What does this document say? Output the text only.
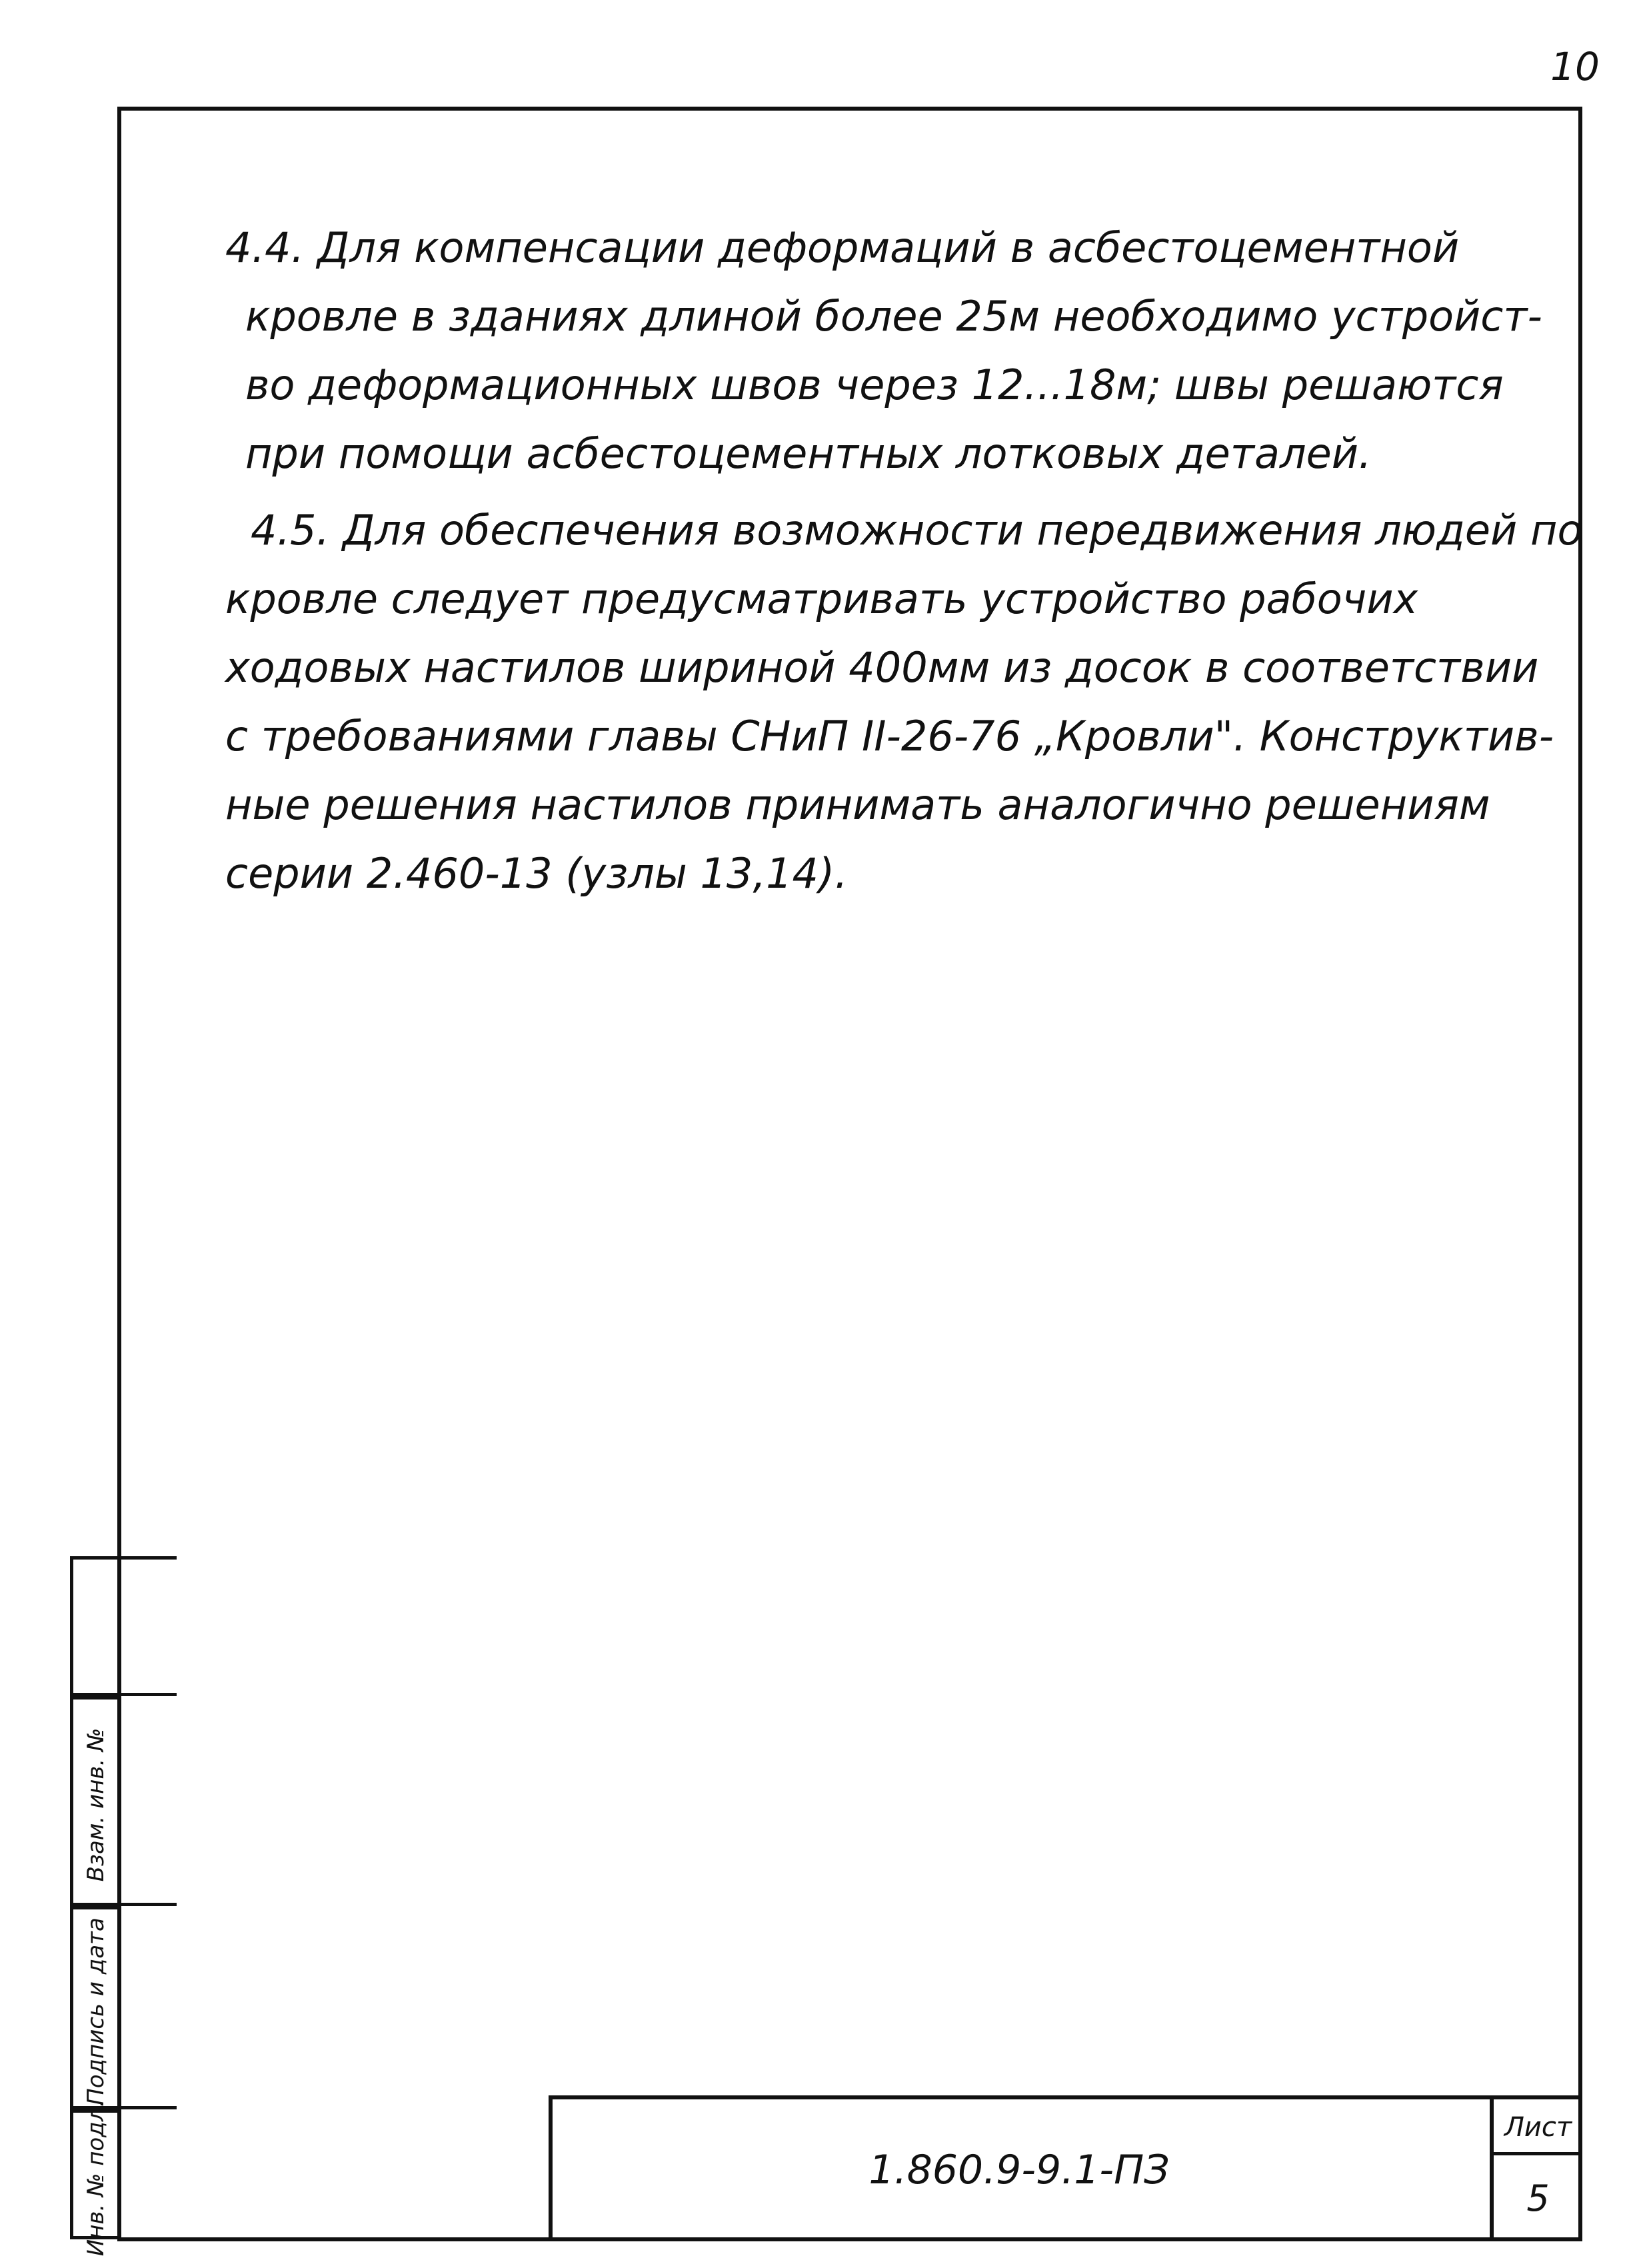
10

4.4. Для компенсации деформаций в асбестоцементной
кровле в зданиях длиной более 25м необходимо устройст-
во деформационных швов через 12...18м; швы решаются
при помощи асбестоцементных лотковых деталей.

4.5. Для обеспечения возможности передвижения людей по
кровле следует предусматривать устройство рабочих
ходовых настилов шириной 400мм из досок в соответствии
с требованиями главы СНиП II-26-76 „Кровли". Конструктив-
ные решения настилов принимать аналогично решениям
серии 2.460-13 (узлы 13,14).

Взам. инв. №
Подпись и дата
Инв. № подл.	1.860.9-9.1-ПЗ
Лист
5
